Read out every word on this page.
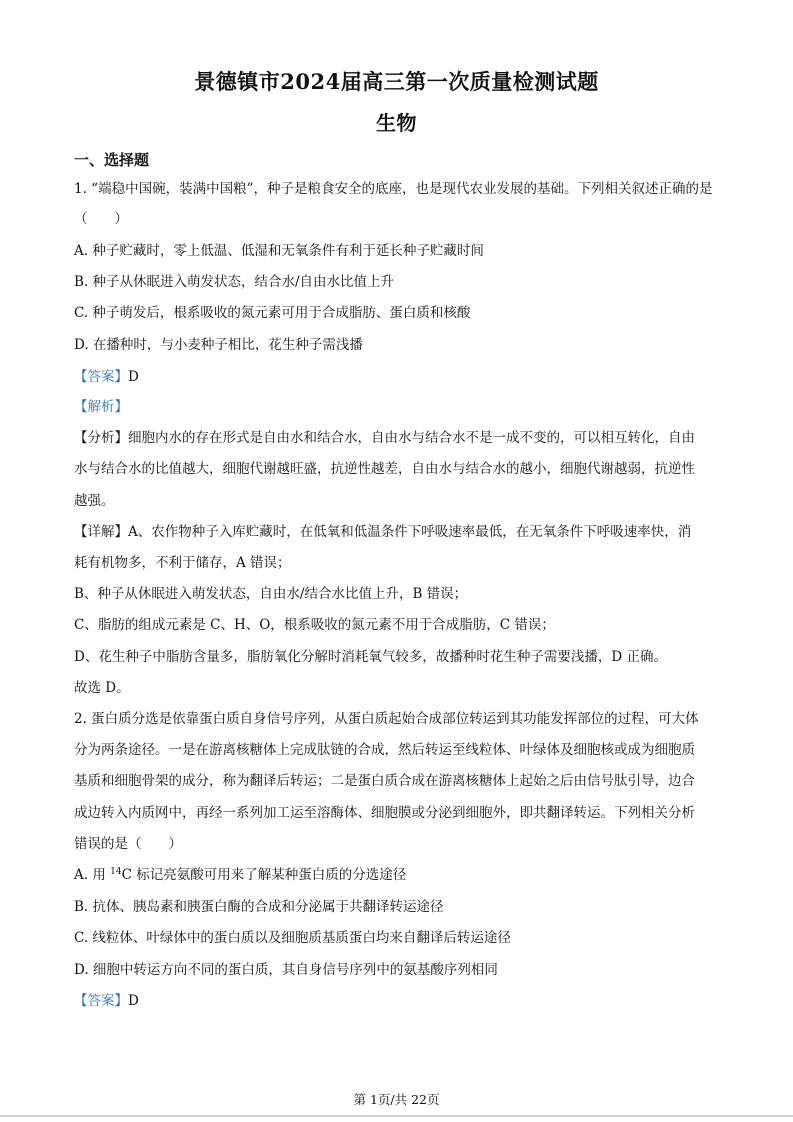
景德镇市2024届高三第一次质量检测试题
生物
一、选择题
1. “端稳中国碗，装满中国粮”，种子是粮食安全的底座，也是现代农业发展的基础。下列相关叙述正确的是
（　　）
A. 种子贮藏时，零上低温、低湿和无氧条件有利于延长种子贮藏时间
B. 种子从休眠进入萌发状态，结合水/自由水比值上升
C. 种子萌发后，根系吸收的氮元素可用于合成脂肪、蛋白质和核酸
D. 在播种时，与小麦种子相比，花生种子需浅播
【答案】D
【解析】
【分析】细胞内水的存在形式是自由水和结合水，自由水与结合水不是一成不变的，可以相互转化，自由
水与结合水的比值越大，细胞代谢越旺盛，抗逆性越差，自由水与结合水的越小，细胞代谢越弱，抗逆性
越强。
【详解】A、农作物种子入库贮藏时，在低氧和低温条件下呼吸速率最低，在无氧条件下呼吸速率快，消
耗有机物多，不利于储存，A 错误；
B、种子从休眠进入萌发状态，自由水/结合水比值上升，B 错误；
C、脂肪的组成元素是 C、H、O，根系吸收的氮元素不用于合成脂肪，C 错误；
D、花生种子中脂肪含量多，脂肪氧化分解时消耗氧气较多，故播种时花生种子需要浅播，D 正确。
故选 D。
2. 蛋白质分选是依靠蛋白质自身信号序列，从蛋白质起始合成部位转运到其功能发挥部位的过程，可大体
分为两条途径。一是在游离核糖体上完成肽链的合成，然后转运至线粒体、叶绿体及细胞核或成为细胞质
基质和细胞骨架的成分，称为翻译后转运；二是蛋白质合成在游离核糖体上起始之后由信号肽引导，边合
成边转入内质网中，再经一系列加工运至溶酶体、细胞膜或分泌到细胞外，即共翻译转运。下列相关分析
错误的是（　　）
A. 用 $^{14}$C 标记亮氨酸可用来了解某种蛋白质的分选途径
B. 抗体、胰岛素和胰蛋白酶的合成和分泌属于共翻译转运途径
C. 线粒体、叶绿体中的蛋白质以及细胞质基质蛋白均来自翻译后转运途径
D. 细胞中转运方向不同的蛋白质，其自身信号序列中的氨基酸序列相同
【答案】D
第 1页/共 22页
